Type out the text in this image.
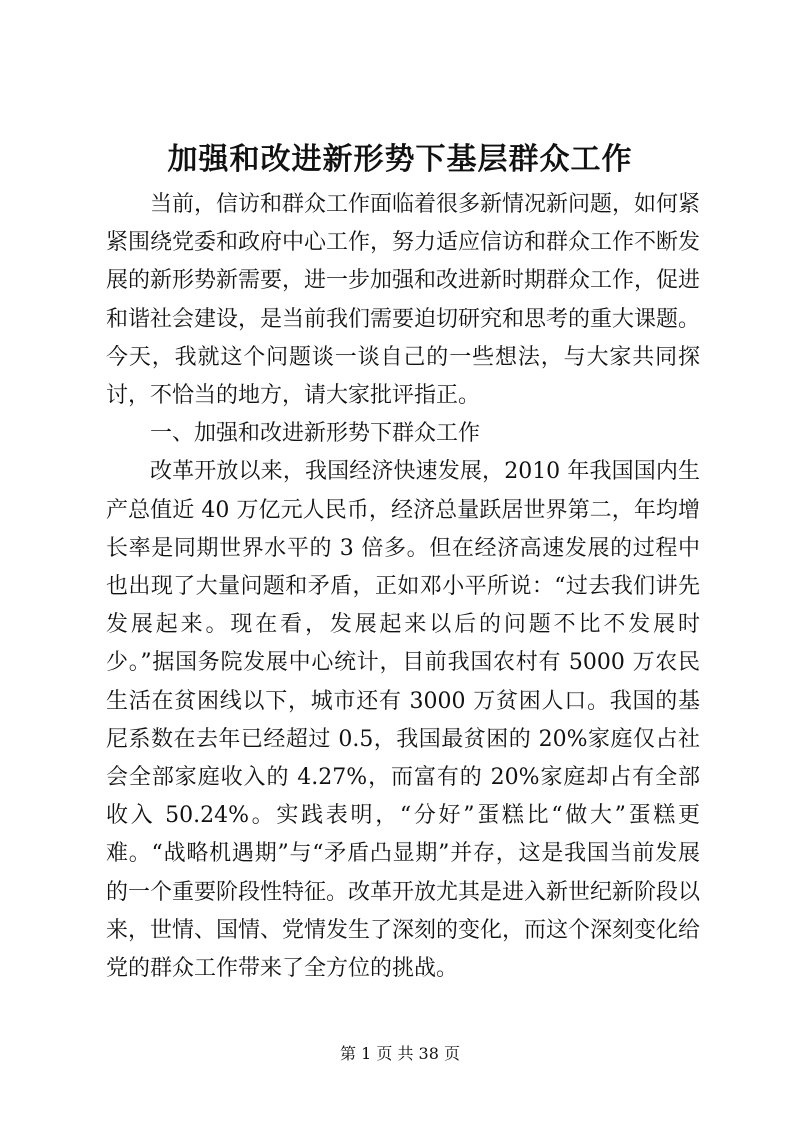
加强和改进新形势下基层群众工作

当前，信访和群众工作面临着很多新情况新问题，如何紧紧围绕党委和政府中心工作，努力适应信访和群众工作不断发展的新形势新需要，进一步加强和改进新时期群众工作，促进和谐社会建设，是当前我们需要迫切研究和思考的重大课题。今天，我就这个问题谈一谈自己的一些想法，与大家共同探讨，不恰当的地方，请大家批评指正。

一、加强和改进新形势下群众工作

改革开放以来，我国经济快速发展，2010 年我国国内生产总值近 40 万亿元人民币，经济总量跃居世界第二，年均增长率是同期世界水平的 3 倍多。但在经济高速发展的过程中也出现了大量问题和矛盾，正如邓小平所说：“过去我们讲先发展起来。现在看，发展起来以后的问题不比不发展时少。”据国务院发展中心统计，目前我国农村有 5000 万农民生活在贫困线以下，城市还有 3000 万贫困人口。我国的基尼系数在去年已经超过 0.5，我国最贫困的 20%家庭仅占社会全部家庭收入的 4.27%，而富有的 20%家庭却占有全部收入 50.24%。实践表明，“分好”蛋糕比“做大”蛋糕更难。“战略机遇期”与“矛盾凸显期”并存，这是我国当前发展的一个重要阶段性特征。改革开放尤其是进入新世纪新阶段以来，世情、国情、党情发生了深刻的变化，而这个深刻变化给党的群众工作带来了全方位的挑战。

第 1 页 共 38 页
